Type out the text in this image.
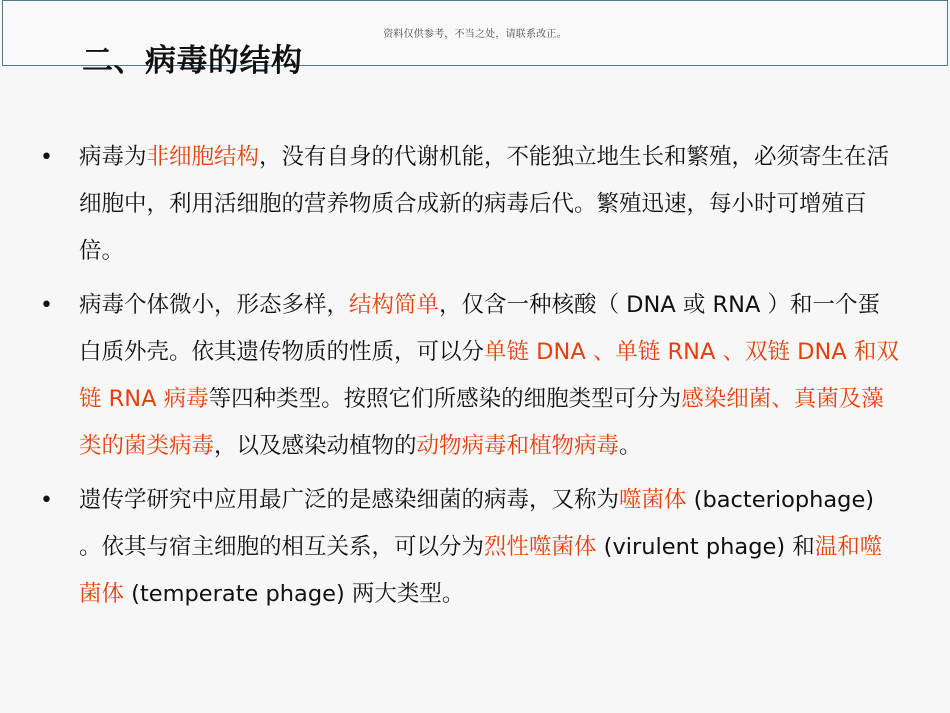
资料仅供参考，不当之处，请联系改正。
二、病毒的结构
• 病毒为非细胞结构，没有自身的代谢机能，不能独立地生长和繁殖，必须寄生在活细胞中，利用活细胞的营养物质合成新的病毒后代。繁殖迅速，每小时可增殖百倍。
• 病毒个体微小，形态多样，结构简单，仅含一种核酸（ DNA 或 RNA ）和一个蛋白质外壳。依其遗传物质的性质，可以分单链 DNA 、单链 RNA 、双链 DNA 和双链 RNA 病毒等四种类型。按照它们所感染的细胞类型可分为感染细菌、真菌及藻类的菌类病毒，以及感染动植物的动物病毒和植物病毒。
• 遗传学研究中应用最广泛的是感染细菌的病毒，又称为噬菌体 (bacteriophage) 。依其与宿主细胞的相互关系，可以分为烈性噬菌体 (virulent phage) 和温和噬菌体 (temperate phage) 两大类型。
